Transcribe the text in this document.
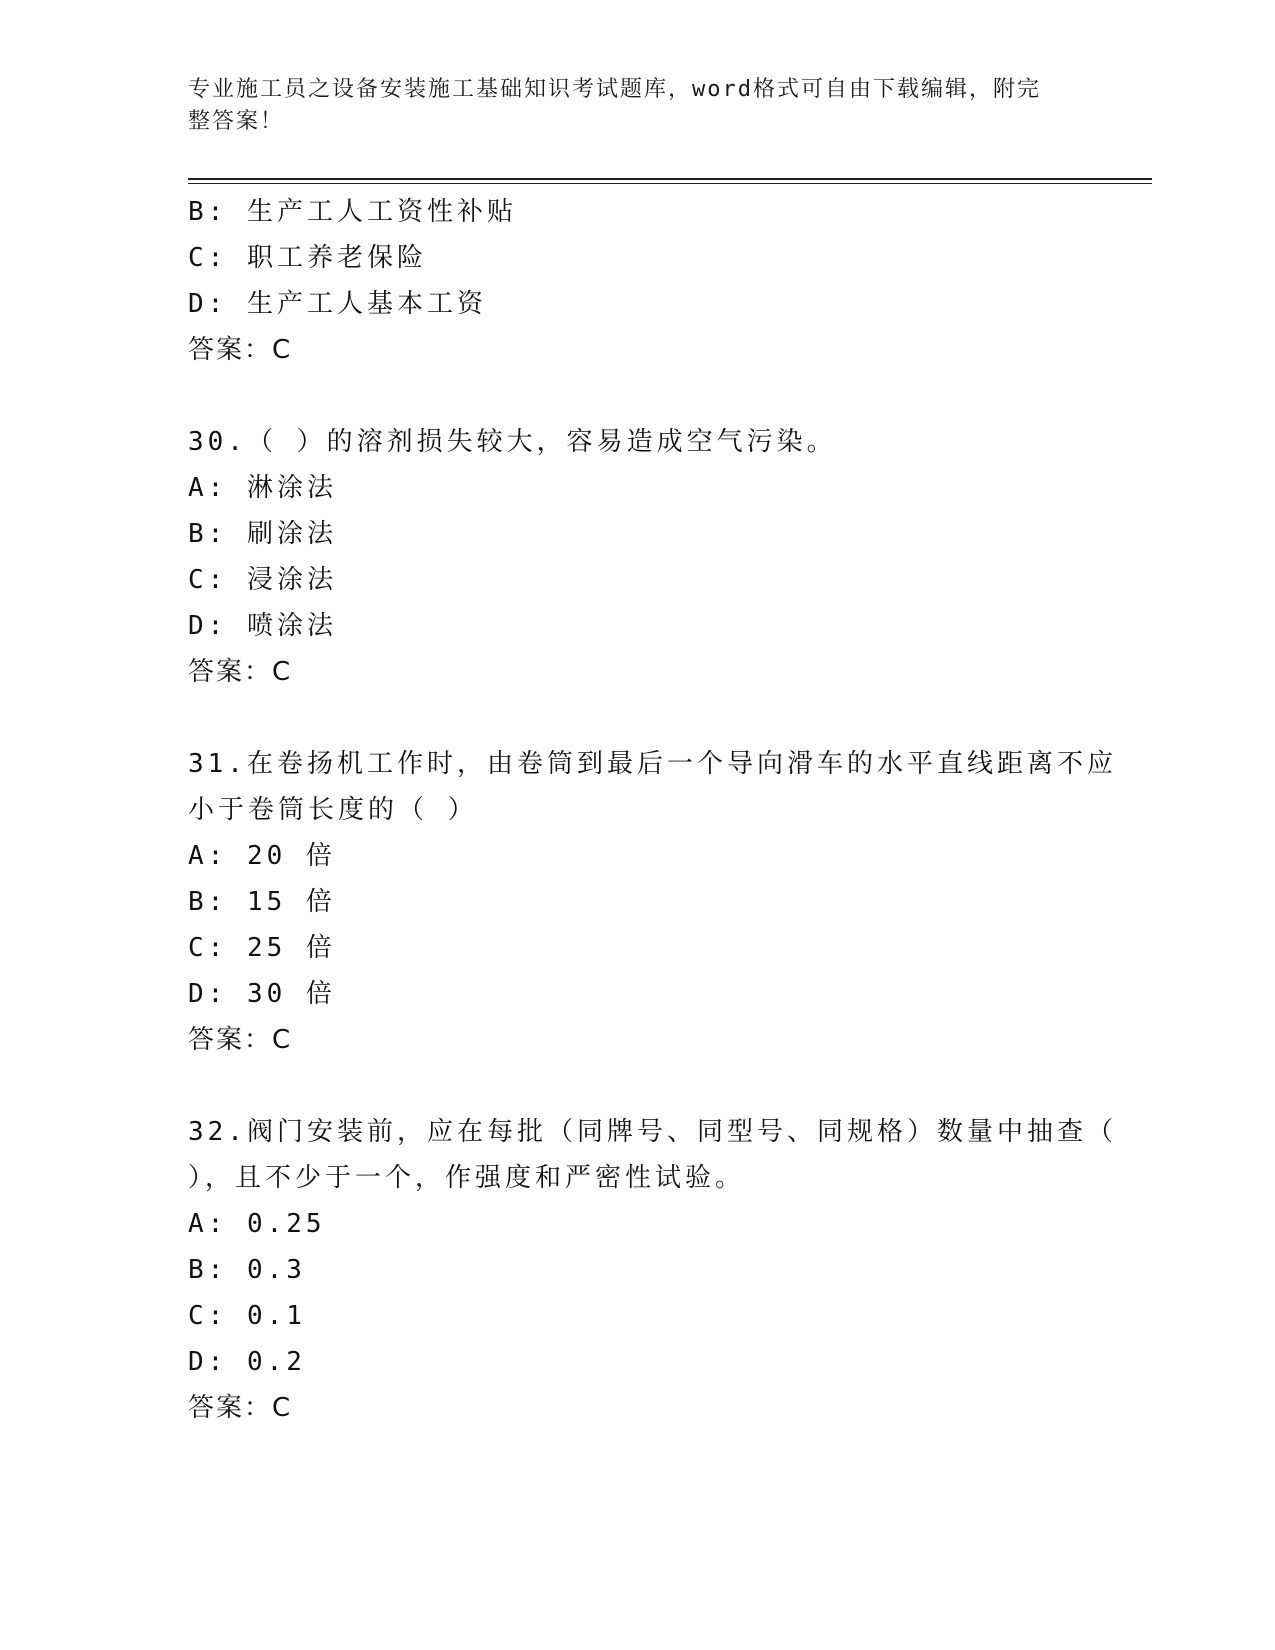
专业施工员之设备安装施工基础知识考试题库，word格式可自由下载编辑，附完
整答案！
B: 生产工人工资性补贴
C: 职工养老保险
D: 生产工人基本工资
答案：C
30.（ ）的溶剂损失较大，容易造成空气污染。
A: 淋涂法
B: 刷涂法
C: 浸涂法
D: 喷涂法
答案：C
31.在卷扬机工作时，由卷筒到最后一个导向滑车的水平直线距离不应
小于卷筒长度的（ ）
A: 20 倍
B: 15 倍
C: 25 倍
D: 30 倍
答案：C
32.阀门安装前，应在每批（同牌号、同型号、同规格）数量中抽查（
），且不少于一个，作强度和严密性试验。
A: 0.25
B: 0.3
C: 0.1
D: 0.2
答案：C
